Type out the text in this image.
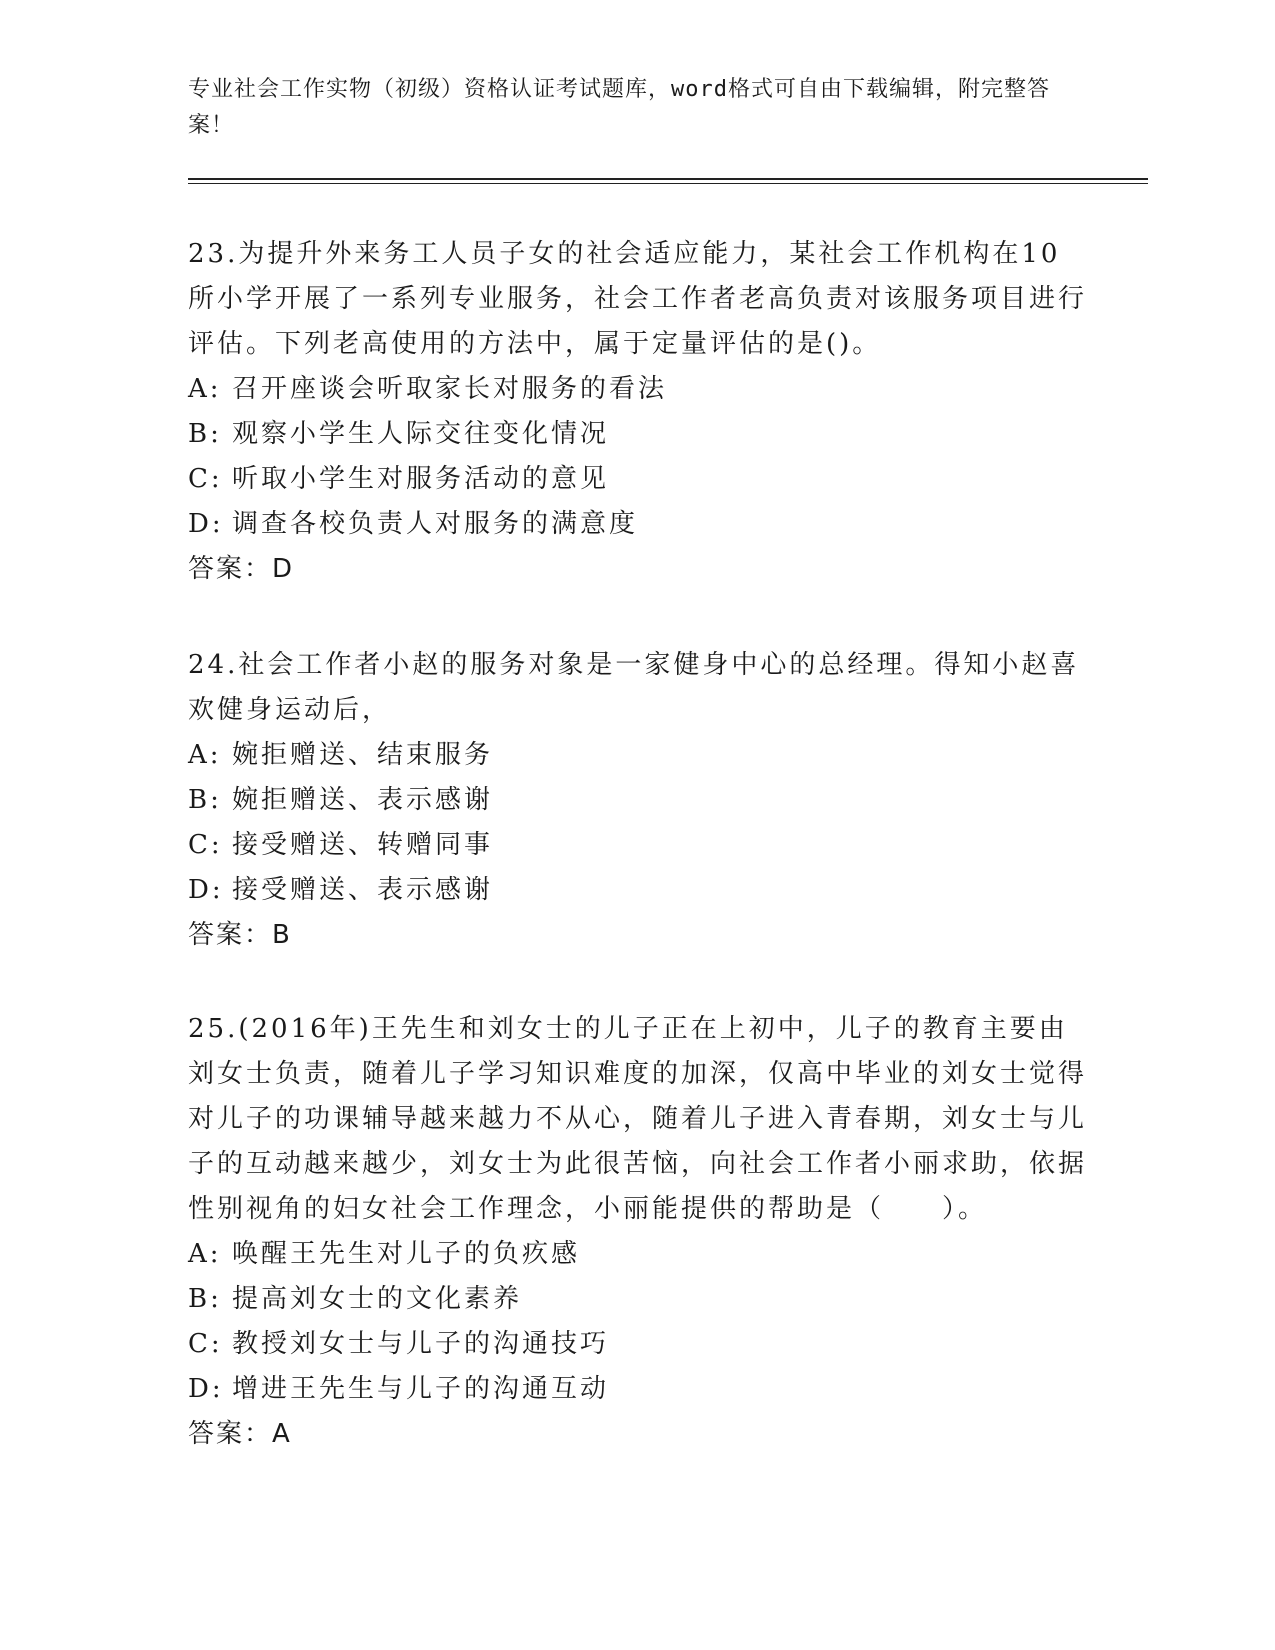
专业社会工作实物（初级）资格认证考试题库，word格式可自由下载编辑，附完整答案！
23.为提升外来务工人员子女的社会适应能力，某社会工作机构在10所小学开展了一系列专业服务，社会工作者老高负责对该服务项目进行评估。下列老高使用的方法中，属于定量评估的是()。
A: 召开座谈会听取家长对服务的看法
B: 观察小学生人际交往变化情况
C: 听取小学生对服务活动的意见
D: 调查各校负责人对服务的满意度
答案：D
24.社会工作者小赵的服务对象是一家健身中心的总经理。得知小赵喜欢健身运动后，
A: 婉拒赠送、结束服务
B: 婉拒赠送、表示感谢
C: 接受赠送、转赠同事
D: 接受赠送、表示感谢
答案：B
25.(2016年)王先生和刘女士的儿子正在上初中，儿子的教育主要由刘女士负责，随着儿子学习知识难度的加深，仅高中毕业的刘女士觉得对儿子的功课辅导越来越力不从心，随着儿子进入青春期，刘女士与儿子的互动越来越少，刘女士为此很苦恼，向社会工作者小丽求助，依据性别视角的妇女社会工作理念，小丽能提供的帮助是（　　）。
A: 唤醒王先生对儿子的负疚感
B: 提高刘女士的文化素养
C: 教授刘女士与儿子的沟通技巧
D: 增进王先生与儿子的沟通互动
答案：A
